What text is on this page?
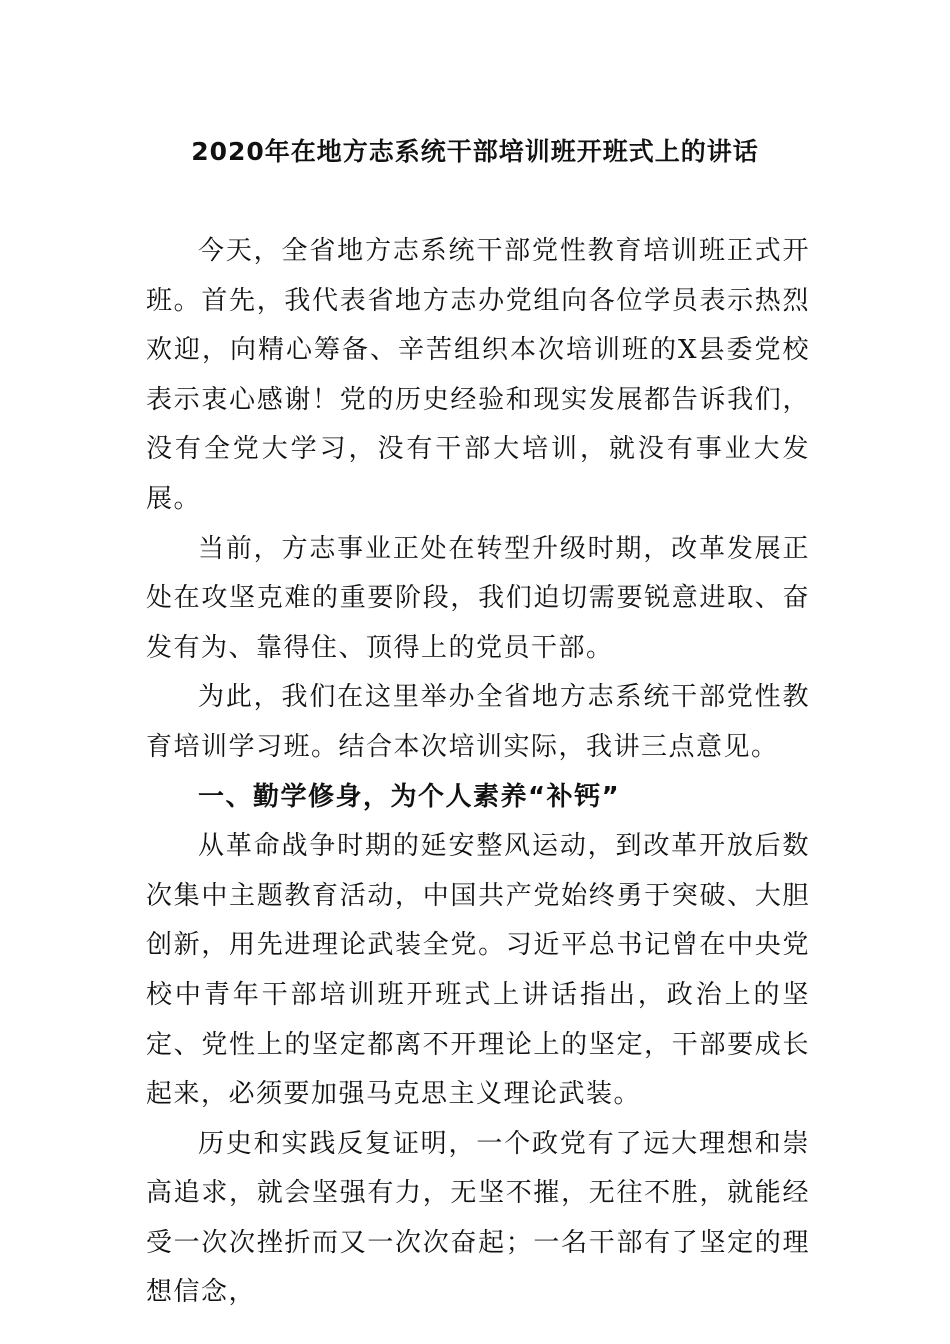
2020年在地方志系统干部培训班开班式上的讲话

今天，全省地方志系统干部党性教育培训班正式开班。首先，我代表省地方志办党组向各位学员表示热烈欢迎，向精心筹备、辛苦组织本次培训班的X县委党校表示衷心感谢！党的历史经验和现实发展都告诉我们，没有全党大学习，没有干部大培训，就没有事业大发展。

当前，方志事业正处在转型升级时期，改革发展正处在攻坚克难的重要阶段，我们迫切需要锐意进取、奋发有为、靠得住、顶得上的党员干部。

为此，我们在这里举办全省地方志系统干部党性教育培训学习班。结合本次培训实际，我讲三点意见。

一、勤学修身，为个人素养“补钙”

从革命战争时期的延安整风运动，到改革开放后数次集中主题教育活动，中国共产党始终勇于突破、大胆创新，用先进理论武装全党。习近平总书记曾在中央党校中青年干部培训班开班式上讲话指出，政治上的坚定、党性上的坚定都离不开理论上的坚定，干部要成长起来，必须要加强马克思主义理论武装。

历史和实践反复证明，一个政党有了远大理想和崇高追求，就会坚强有力，无坚不摧，无往不胜，就能经受一次次挫折而又一次次奋起；一名干部有了坚定的理想信念，
